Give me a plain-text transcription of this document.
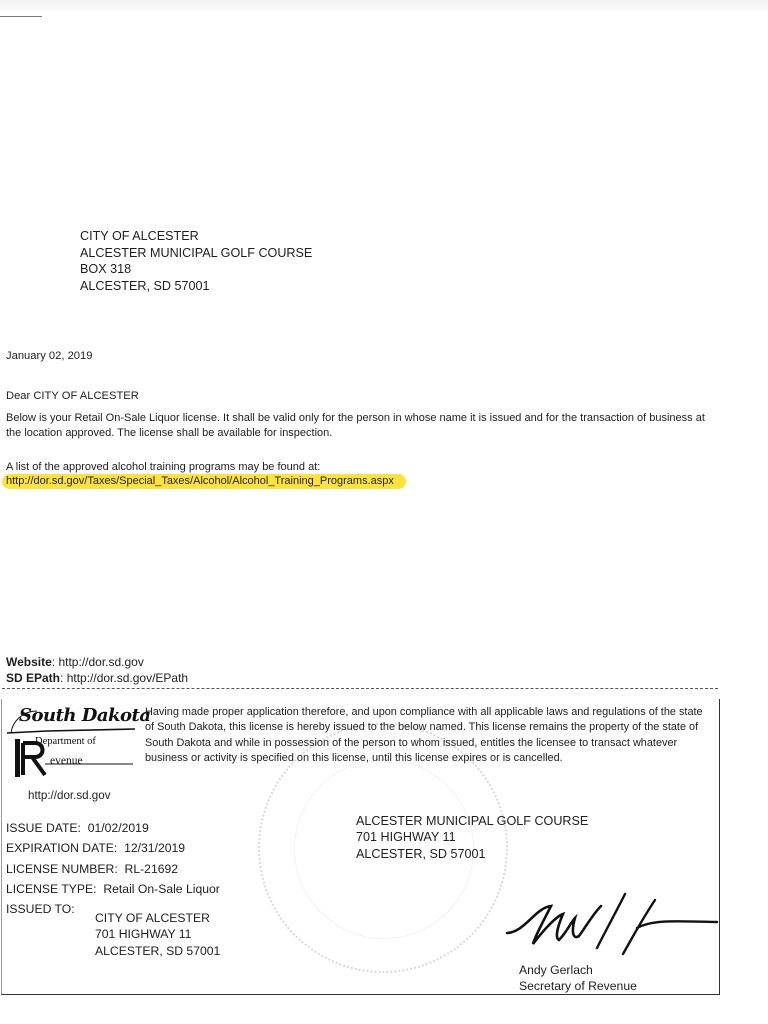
CITY OF ALCESTER
ALCESTER MUNICIPAL GOLF COURSE
BOX 318
ALCESTER, SD 57001
January 02, 2019
Dear CITY OF ALCESTER
Below is your Retail On-Sale Liquor license. It shall be valid only for the person in whose name it is issued and for the transaction of business at the location approved. The license shall be available for inspection.
A list of the approved alcohol training programs may be found at:
http://dor.sd.gov/Taxes/Special_Taxes/Alcohol/Alcohol_Training_Programs.aspx
Website: http://dor.sd.gov
SD EPath: http://dor.sd.gov/EPath
South Dakota
Department of
evenue
Having made proper application therefore, and upon compliance with all applicable laws and regulations of the state of South Dakota, this license is hereby issued to the below named. This license remains the property of the state of South Dakota and while in possession of the person to whom issued, entitles the licensee to transact whatever business or activity is specified on this license, until this license expires or is cancelled.
http://dor.sd.gov
ISSUE DATE: 01/02/2019
EXPIRATION DATE: 12/31/2019
LICENSE NUMBER: RL-21692
LICENSE TYPE: Retail On-Sale Liquor
ISSUED TO:
CITY OF ALCESTER
701 HIGHWAY 11
ALCESTER, SD 57001
ALCESTER MUNICIPAL GOLF COURSE
701 HIGHWAY 11
ALCESTER, SD 57001
Andy Gerlach
Secretary of Revenue
